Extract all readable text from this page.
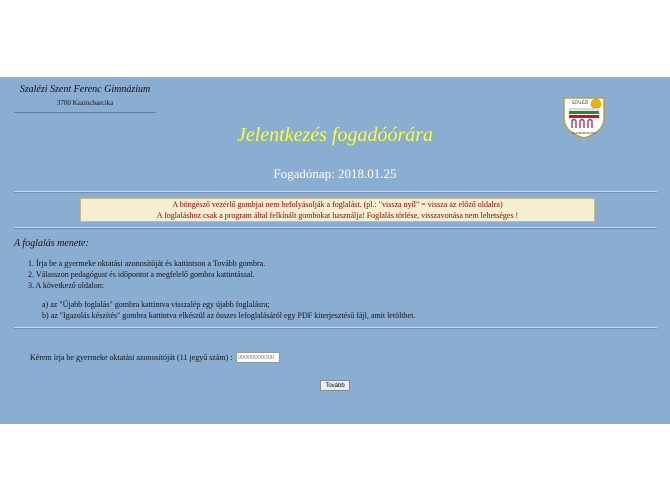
Szalézi Szent Ferenc Gimnázium
3700 Kazincbarcika	SZALÉZI
KAZINCBARCIKA
Jelentkezés fogadóórára
Fogadónap: 2018.01.25
A böngésző vezérlő gombjai nem befolyásolják a foglalást. (pl.: "vissza nyíl" = vissza az előző oldalra)
A foglaláshoz csak a program által felkínált gombokat használja! Foglalás törlése, visszavonása nem lehetséges !
A foglalás menete:
1. Írja be a gyermeke oktatási azonosítóját és kattintson a Tovább gombra.
2. Válasszon pedagógust és időpontot a megfelelő gombra kattintással.
3. A következő oldalon:
a) az "Újabb foglalás" gombra kattintva visszalép egy újabb foglalásra;
b) az "Igazolás készítés" gombra kattintva elkészül az összes lefoglalásáról egy PDF kiterjesztésű fájl, amit letölthet.
Kérem írja be gyermeke oktatási azonosítóját (11 jegyű szám) :
00000000000
Tovább
